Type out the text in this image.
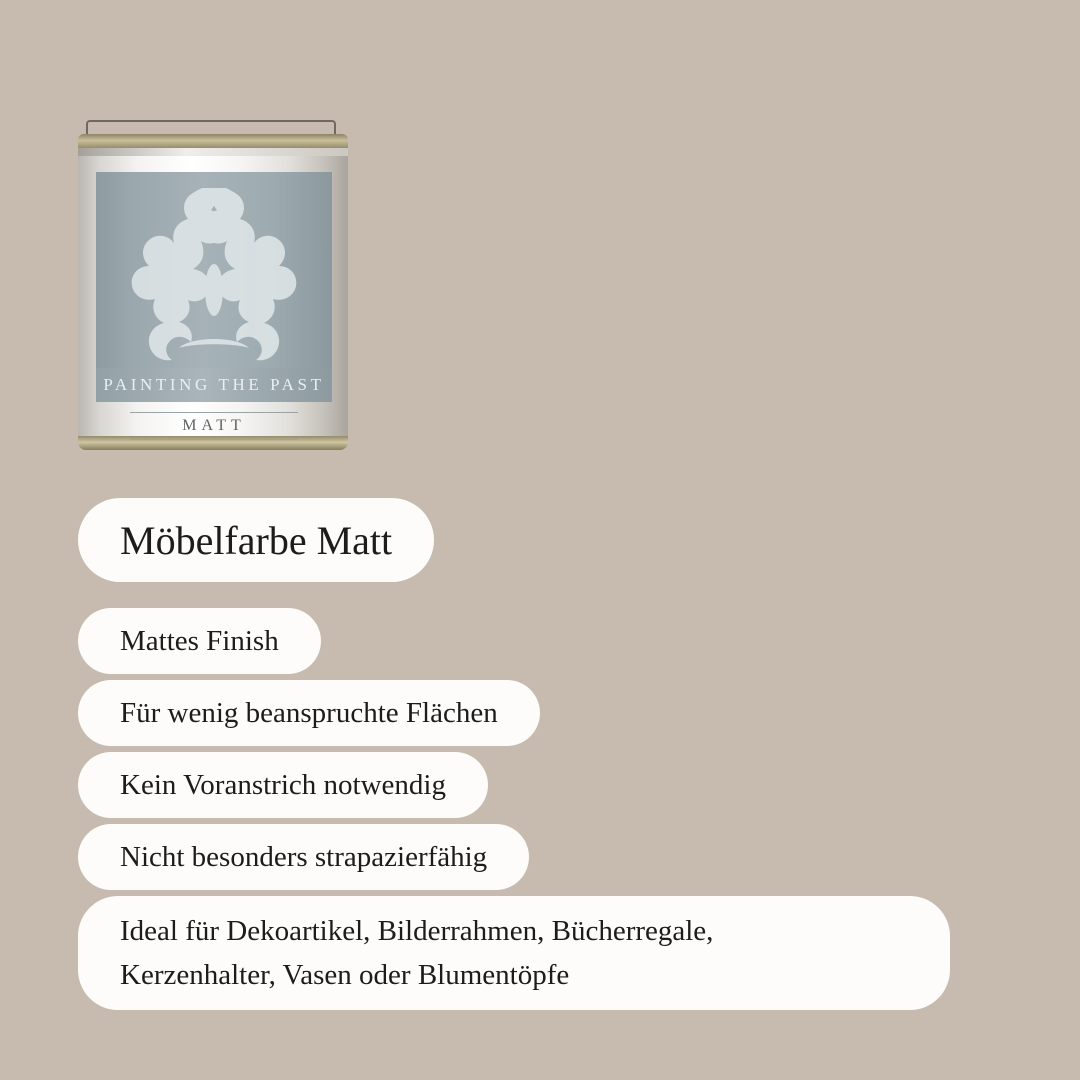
PAINTING THE PAST
MATT
Möbelfarbe Matt
Mattes Finish
Für wenig beanspruchte Flächen
Kein Voranstrich notwendig
Nicht besonders strapazierfähig
Ideal für Dekoartikel, Bilderrahmen, Bücherregale,
Kerzenhalter, Vasen oder Blumentöpfe
